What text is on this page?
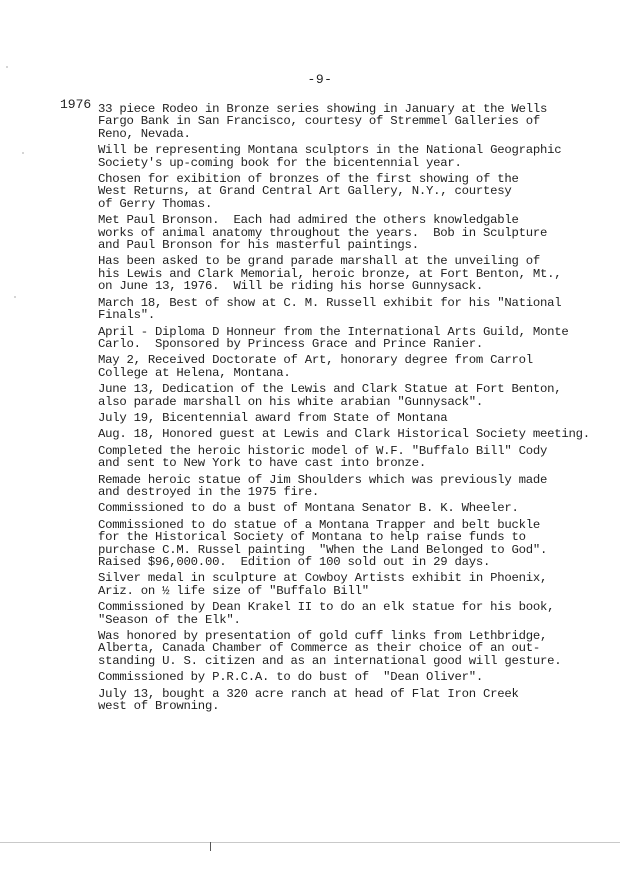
-9-
1976 33 piece Rodeo in Bronze series showing in January at the Wells
Fargo Bank in San Francisco, courtesy of Stremmel Galleries of
Reno, Nevada.
Will be representing Montana sculptors in the National Geographic
Society's up-coming book for the bicentennial year.
Chosen for exibition of bronzes of the first showing of the
West Returns, at Grand Central Art Gallery, N.Y., courtesy
of Gerry Thomas.
Met Paul Bronson.  Each had admired the others knowledgable
works of animal anatomy throughout the years.  Bob in Sculpture
and Paul Bronson for his masterful paintings.
Has been asked to be grand parade marshall at the unveiling of
his Lewis and Clark Memorial, heroic bronze, at Fort Benton, Mt.,
on June 13, 1976.  Will be riding his horse Gunnysack.
March 18, Best of show at C. M. Russell exhibit for his "National
Finals".
April - Diploma D Honneur from the International Arts Guild, Monte
Carlo.  Sponsored by Princess Grace and Prince Ranier.
May 2, Received Doctorate of Art, honorary degree from Carrol
College at Helena, Montana.
June 13, Dedication of the Lewis and Clark Statue at Fort Benton,
also parade marshall on his white arabian "Gunnysack".
July 19, Bicentennial award from State of Montana
Aug. 18, Honored guest at Lewis and Clark Historical Society meeting.
Completed the heroic historic model of W.F. "Buffalo Bill" Cody
and sent to New York to have cast into bronze.
Remade heroic statue of Jim Shoulders which was previously made
and destroyed in the 1975 fire.
Commissioned to do a bust of Montana Senator B. K. Wheeler.
Commissioned to do statue of a Montana Trapper and belt buckle
for the Historical Society of Montana to help raise funds to
purchase C.M. Russel painting  "When the Land Belonged to God".
Raised $96,000.00.  Edition of 100 sold out in 29 days.
Silver medal in sculpture at Cowboy Artists exhibit in Phoenix,
Ariz. on ½ life size of "Buffalo Bill"
Commissioned by Dean Krakel II to do an elk statue for his book,
"Season of the Elk".
Was honored by presentation of gold cuff links from Lethbridge,
Alberta, Canada Chamber of Commerce as their choice of an out-
standing U. S. citizen and as an international good will gesture.
Commissioned by P.R.C.A. to do bust of  "Dean Oliver".
July 13, bought a 320 acre ranch at head of Flat Iron Creek
west of Browning.
